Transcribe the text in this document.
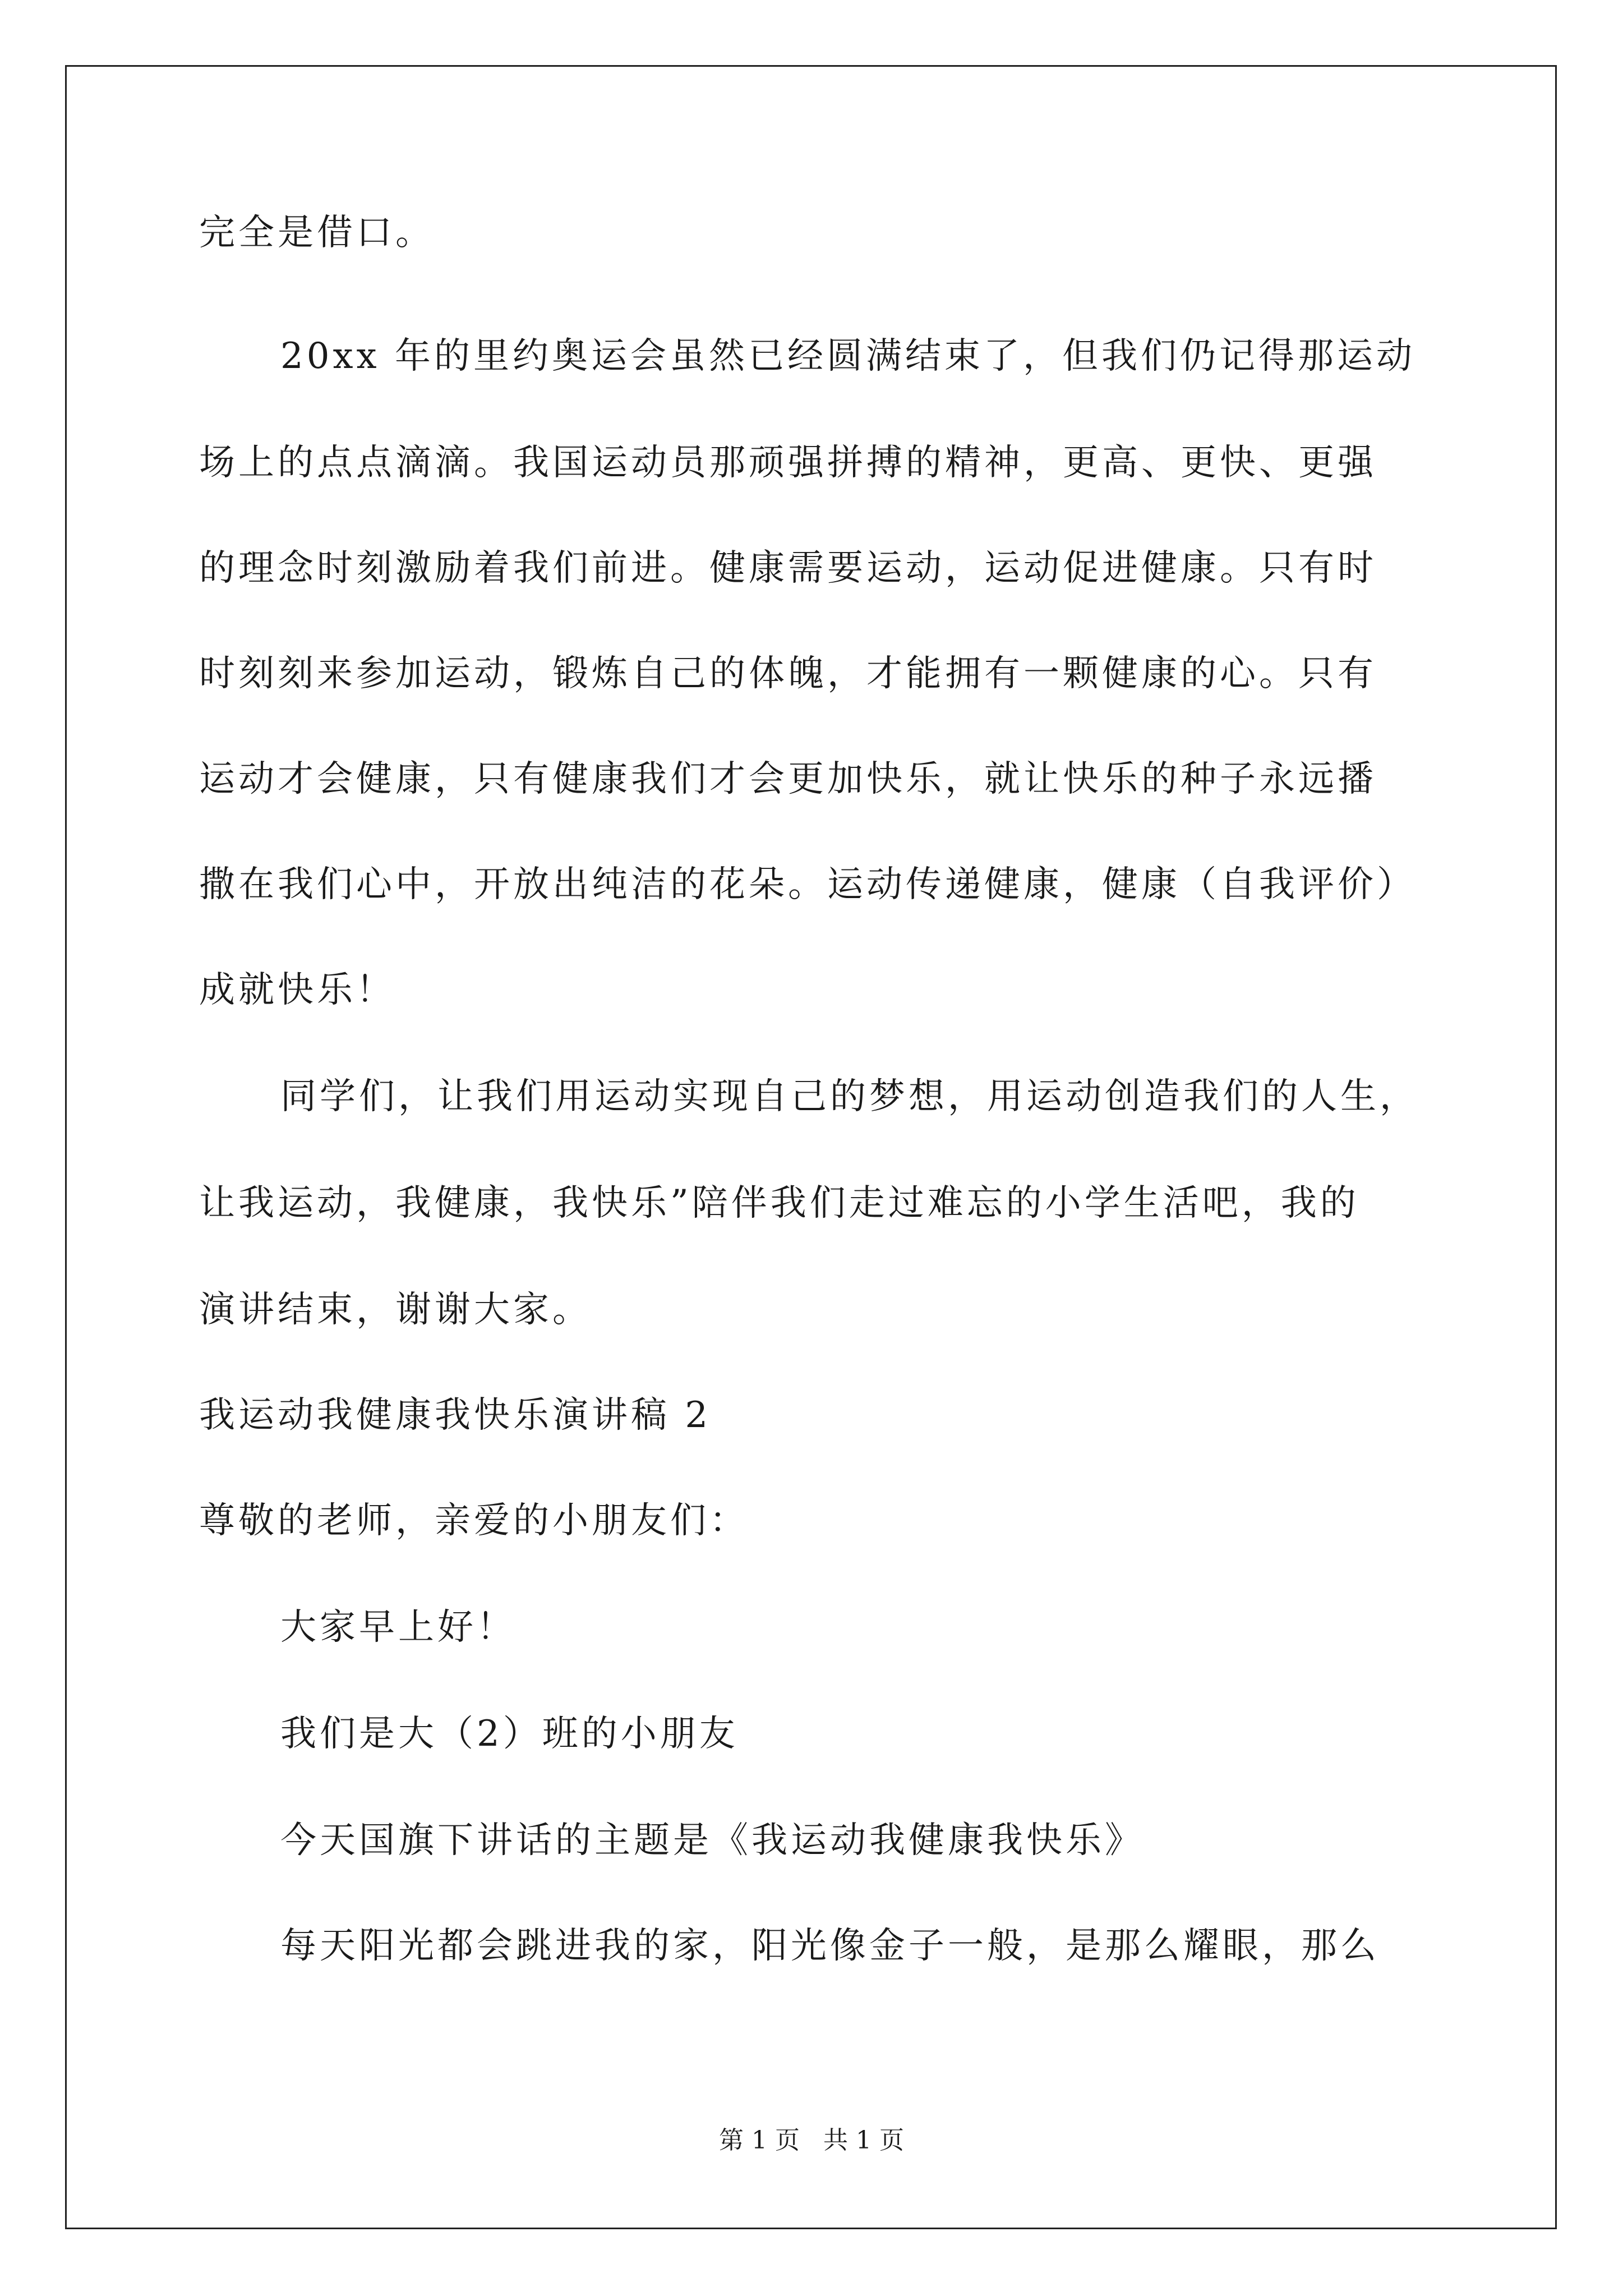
完全是借口。
20xx 年的里约奥运会虽然已经圆满结束了，但我们仍记得那运动
场上的点点滴滴。我国运动员那顽强拼搏的精神，更高、更快、更强
的理念时刻激励着我们前进。健康需要运动，运动促进健康。只有时
时刻刻来参加运动，锻炼自己的体魄，才能拥有一颗健康的心。只有
运动才会健康，只有健康我们才会更加快乐，就让快乐的种子永远播
撒在我们心中，开放出纯洁的花朵。运动传递健康，健康（自我评价）
成就快乐！
同学们，让我们用运动实现自己的梦想，用运动创造我们的人生，
让我运动，我健康，我快乐”陪伴我们走过难忘的小学生活吧，我的
演讲结束，谢谢大家。
我运动我健康我快乐演讲稿 2
尊敬的老师，亲爱的小朋友们：
大家早上好！
我们是大（2）班的小朋友
今天国旗下讲话的主题是《我运动我健康我快乐》
每天阳光都会跳进我的家，阳光像金子一般，是那么耀眼，那么
第 1 页   共 1 页
